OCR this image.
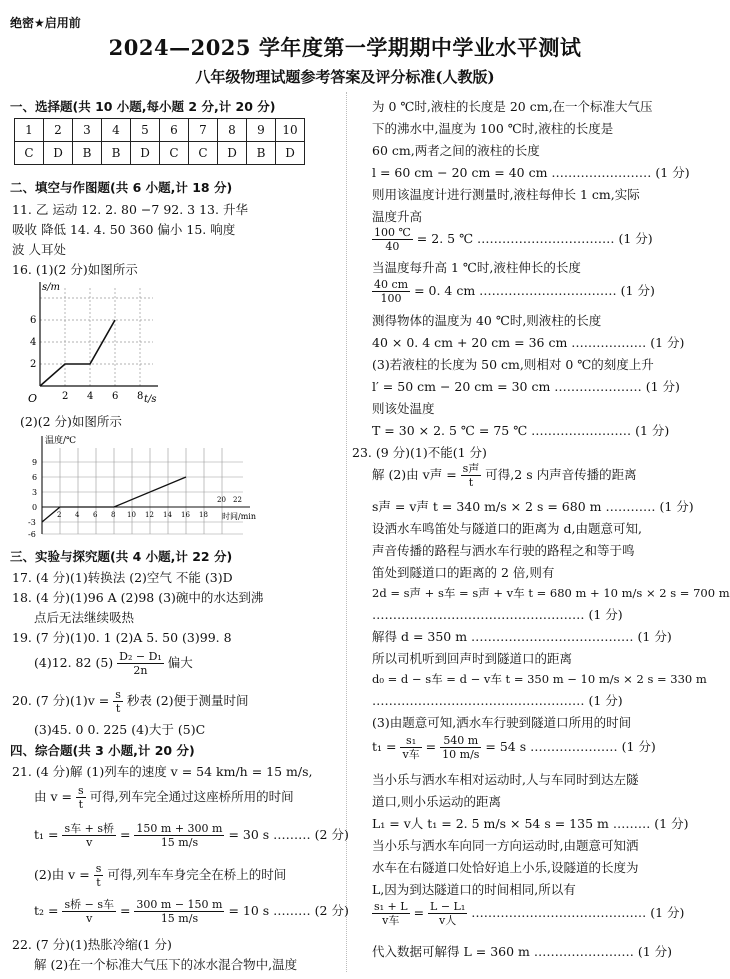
绝密★启用前
2024—2025 学年度第一学期期中学业水平测试
八年级物理试题参考答案及评分标准(人教版)
一、选择题(共 10 小题,每小题 2 分,计 20 分)
1	2	3	4	5	6	7	8	9	10
C	D	B	B	D	C	C	D	B	D
二、填空与作图题(共 6 小题,计 18 分)
11. 乙 运动 12. 2. 80 −7 92. 3 13. 升华
吸收 降低 14. 4. 50 360 偏小 15. 响度
波 人耳处
16. (1)(2 分)如图所示
s/m
t/s
O
2
4
6
2 4 6 8
(2)(2 分)如图所示
温度/℃
时间/min
9
6
3
0
-3
-6
2 4 6 8 10 12 14 16 18
20 22
三、实验与探究题(共 4 小题,计 22 分)
17. (4 分)(1)转换法 (2)空气 不能 (3)D
18. (4 分)(1)96 A (2)98 (3)碗中的水达到沸
点后无法继续吸热
19. (7 分)(1)0. 1 (2)A 5. 50 (3)99. 8
(4)12. 82 $(5) \frac{\text{D₂ − D₁}}{2n}$ 偏大
20. (7 分)$(1)v = \frac{s}{t}$ 秒表 (2)便于测量时间
(3)45. 0 0. 225 (4)大于 (5)C
四、综合题(共 3 小题,计 20 分)
21. (4 分)解 (1)列车的速度 v = 54 km/h = 15 m/s,
由 $v = \frac{s}{t}$ 可得,列车完全通过这座桥所用的时间
$t_1 = \frac{\text{s车 + s桥}}{v} = \frac{150 m + 300 m}{15 m/s} = 30$ s ……… (2 分)
(2)由 $v = \frac{s}{t}$ 可得,列车车身完全在桥上的时间
$t_2 = \frac{\text{s桥 − s车}}{v} = \frac{300 m - 150 m}{15 m/s} = 10$ s ……… (2 分)
22. (7 分)(1)热胀冷缩(1 分)
解 (2)在一个标准大气压下的冰水混合物中,温度
为 0 ℃时,液柱的长度是 20 cm,在一个标准大气压
下的沸水中,温度为 100 ℃时,液柱的长度是
60 cm,两者之间的液柱的长度
l = 60 cm − 20 cm = 40 cm …………………… (1 分)
则用该温度计进行测量时,液柱每伸长 1 cm,实际
温度升高
$\frac{100 ℃}{40} = 2$. 5 ℃ …………………………… (1 分)
当温度每升高 1 ℃时,液柱伸长的长度
$\frac{40 cm}{100} = 0$. 4 cm …………………………… (1 分)
测得物体的温度为 40 ℃时,则液柱的长度
40 × 0. 4 cm + 20 cm = 36 cm ……………… (1 分)
(3)若液柱的长度为 50 cm,则相对 0 ℃的刻度上升
l′ = 50 cm − 20 cm = 30 cm ………………… (1 分)
则该处温度
T = 30 × 2. 5 ℃ = 75 ℃ …………………… (1 分)
23. (9 分)(1)不能(1 分)
解 (2)由 v声 = $\frac{\text{s声}}{t}$ 可得,2 s 内声音传播的距离
s声 = v声 t = 340 m/s × 2 s = 680 m ………… (1 分)
设洒水车鸣笛处与隧道口的距离为 d,由题意可知,
声音传播的路程与洒水车行驶的路程之和等于鸣
笛处到隧道口的距离的 2 倍,则有
2d = s声 + s车 = s声 + v车 t = 680 m + 10 m/s × 2 s = 700 m
…………………………………………… (1 分)
解得 d = 350 m ………………………………… (1 分)
所以司机听到回声时到隧道口的距离
d₀ = d − s车 = d − v车 t = 350 m − 10 m/s × 2 s = 330 m
…………………………………………… (1 分)
(3)由题意可知,洒水车行驶到隧道口所用的时间
$t_1 = \frac{\text{s₁}}{\text{v车}} = \frac{540 m}{10 m/s} = 54$ s ………………… (1 分)
当小乐与洒水车相对运动时,人与车同时到达左隧
道口,则小乐运动的距离
L₁ = v人 t₁ = 2. 5 m/s × 54 s = 135 m ……… (1 分)
当小乐与洒水车向同一方向运动时,由题意可知洒
水车在右隧道口处恰好追上小乐,设隧道的长度为
L,因为到达隧道口的时间相同,所以有
$\frac{\text{s₁ + L}}{\text{v车}} = \frac{\text{L − L₁}}{\text{v人}}$ …………………………………… (1 分)
代入数据可解得 L = 360 m …………………… (1 分)
